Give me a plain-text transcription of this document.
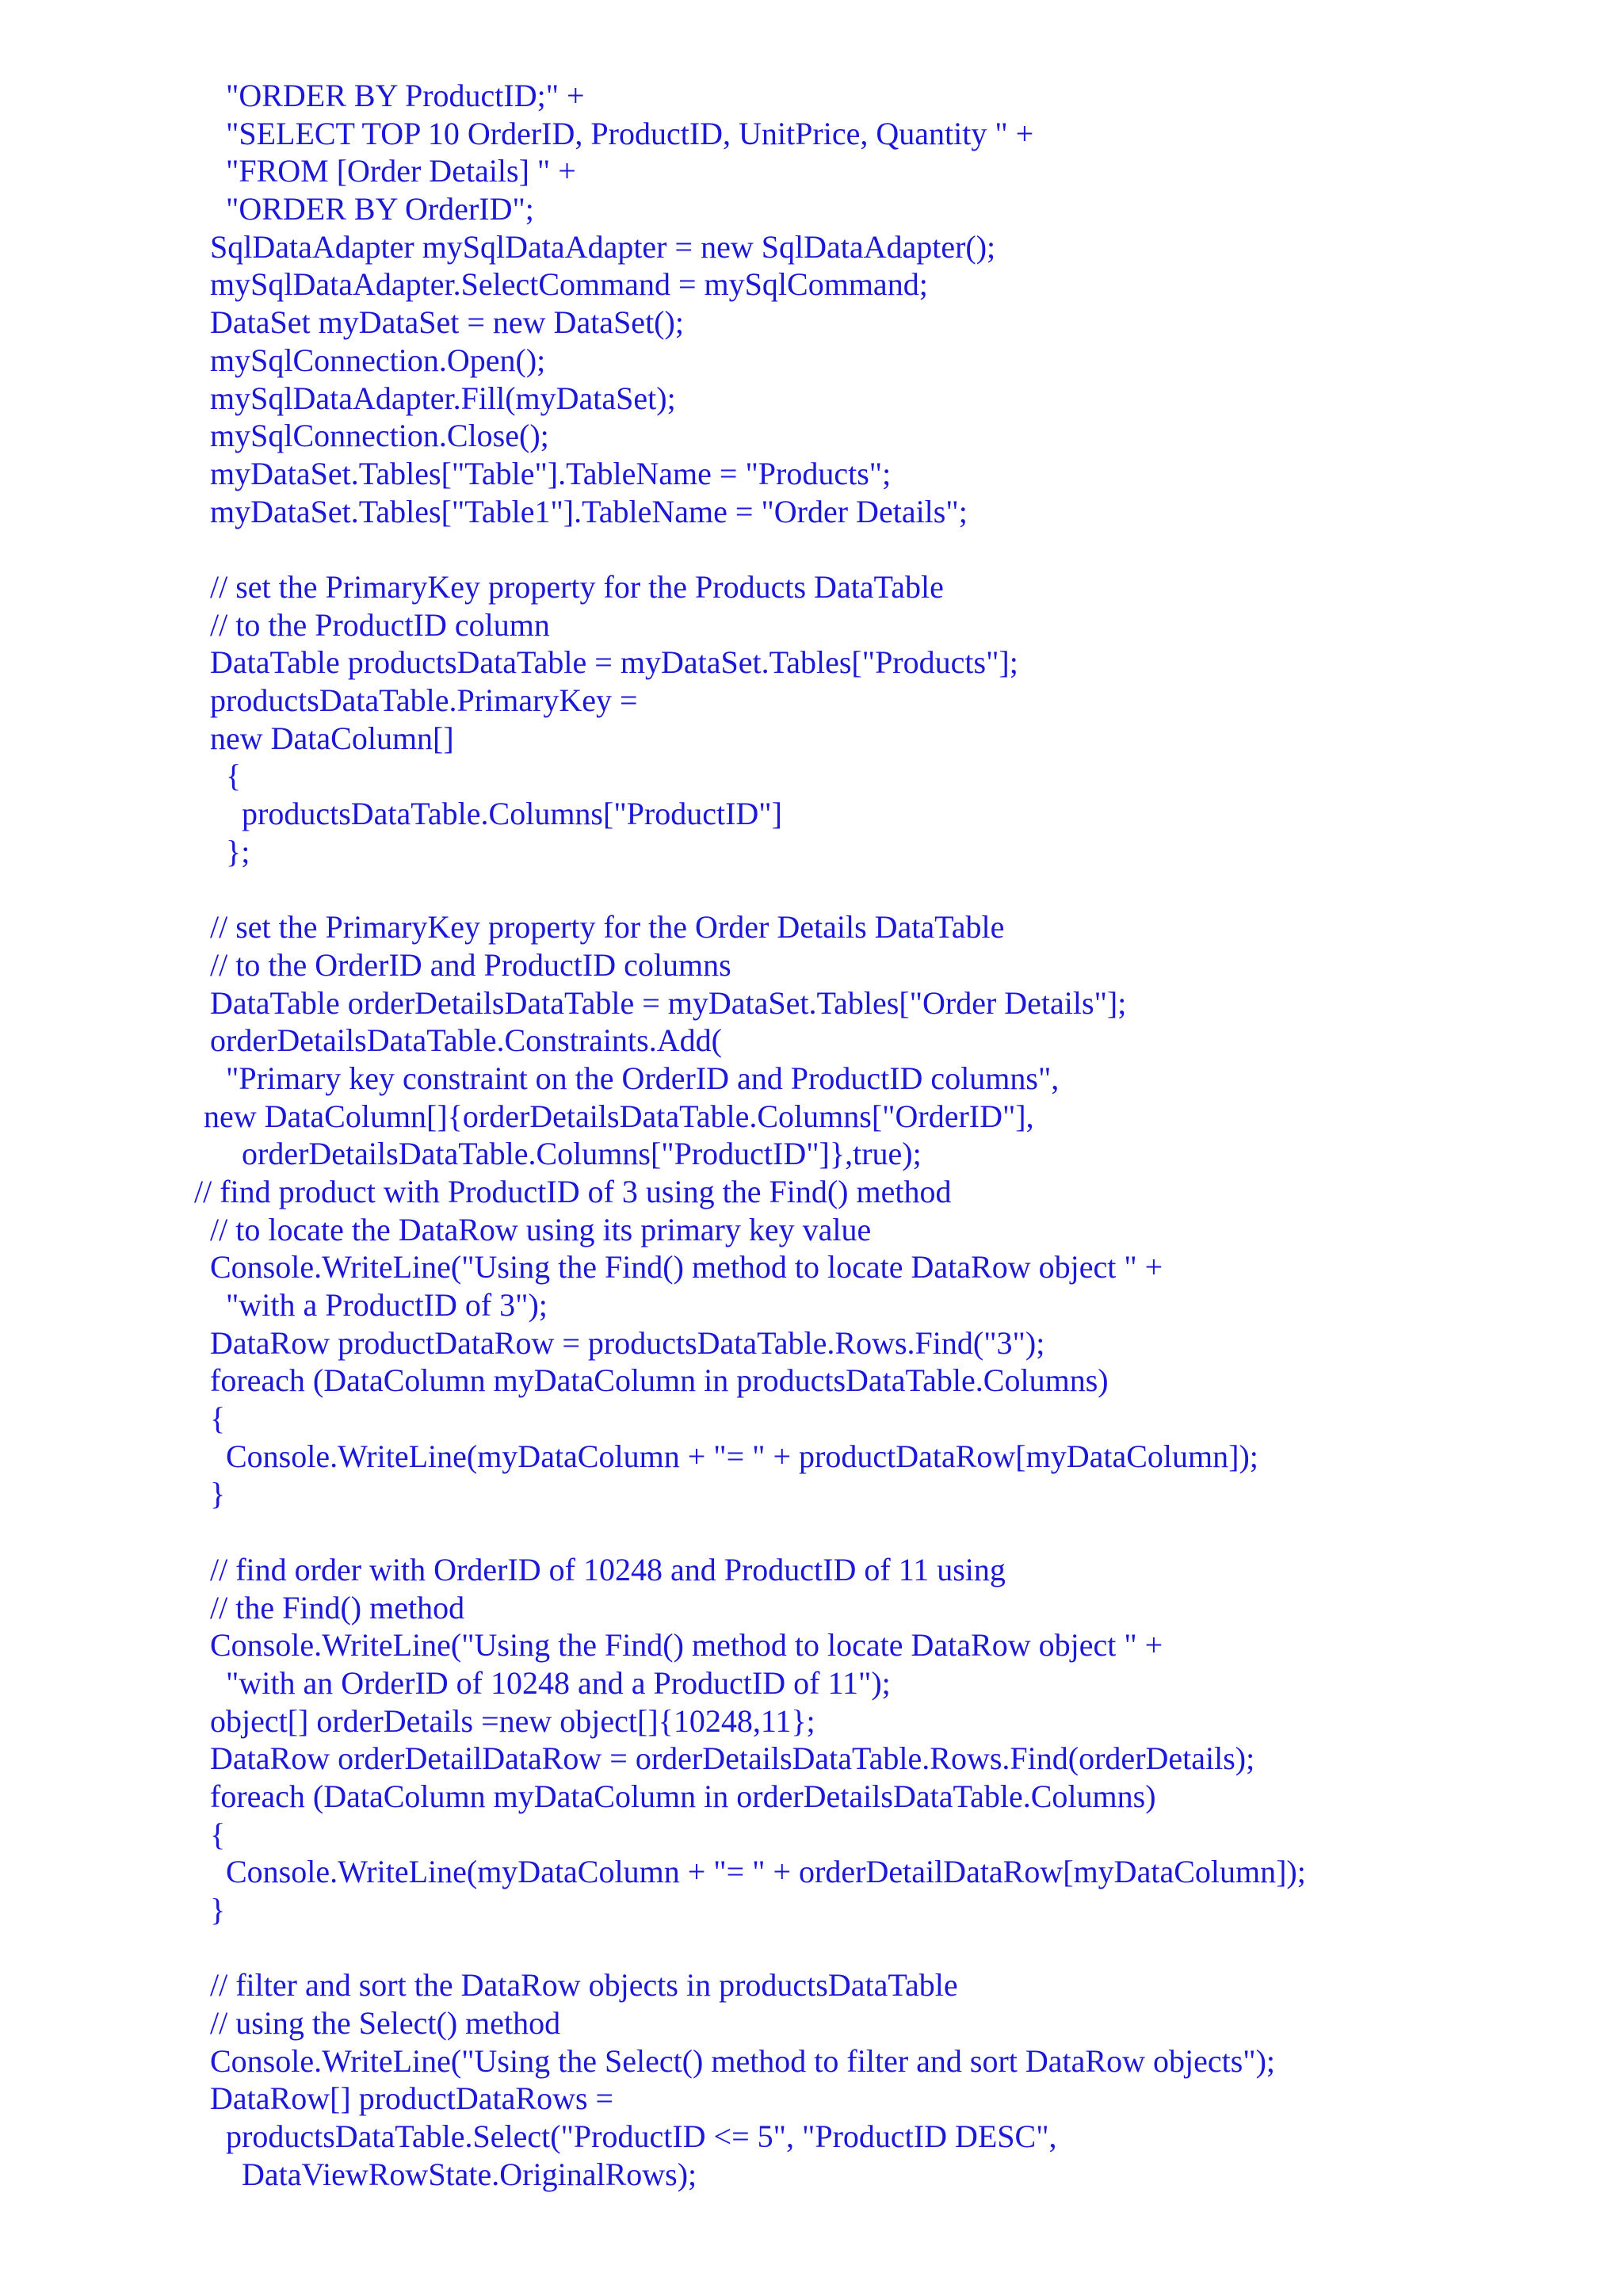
"ORDER BY ProductID;" +
"SELECT TOP 10 OrderID, ProductID, UnitPrice, Quantity " +
"FROM [Order Details] " +
"ORDER BY OrderID";
SqlDataAdapter mySqlDataAdapter = new SqlDataAdapter();
mySqlDataAdapter.SelectCommand = mySqlCommand;
DataSet myDataSet = new DataSet();
mySqlConnection.Open();
mySqlDataAdapter.Fill(myDataSet);
mySqlConnection.Close();
myDataSet.Tables["Table"].TableName = "Products";
myDataSet.Tables["Table1"].TableName = "Order Details";
// set the PrimaryKey property for the Products DataTable
// to the ProductID column
DataTable productsDataTable = myDataSet.Tables["Products"];
productsDataTable.PrimaryKey =
new DataColumn[]
{
productsDataTable.Columns["ProductID"]
};
// set the PrimaryKey property for the Order Details DataTable
// to the OrderID and ProductID columns
DataTable orderDetailsDataTable = myDataSet.Tables["Order Details"];
orderDetailsDataTable.Constraints.Add(
"Primary key constraint on the OrderID and ProductID columns",
new DataColumn[]{orderDetailsDataTable.Columns["OrderID"],
orderDetailsDataTable.Columns["ProductID"]},true);
// find product with ProductID of 3 using the Find() method
// to locate the DataRow using its primary key value
Console.WriteLine("Using the Find() method to locate DataRow object " +
"with a ProductID of 3");
DataRow productDataRow = productsDataTable.Rows.Find("3");
foreach (DataColumn myDataColumn in productsDataTable.Columns)
{
Console.WriteLine(myDataColumn + "= " + productDataRow[myDataColumn]);
}
// find order with OrderID of 10248 and ProductID of 11 using
// the Find() method
Console.WriteLine("Using the Find() method to locate DataRow object " +
"with an OrderID of 10248 and a ProductID of 11");
object[] orderDetails =new object[]{10248,11};
DataRow orderDetailDataRow = orderDetailsDataTable.Rows.Find(orderDetails);
foreach (DataColumn myDataColumn in orderDetailsDataTable.Columns)
{
Console.WriteLine(myDataColumn + "= " + orderDetailDataRow[myDataColumn]);
}
// filter and sort the DataRow objects in productsDataTable
// using the Select() method
Console.WriteLine("Using the Select() method to filter and sort DataRow objects");
DataRow[] productDataRows =
productsDataTable.Select("ProductID <= 5", "ProductID DESC",
DataViewRowState.OriginalRows);
